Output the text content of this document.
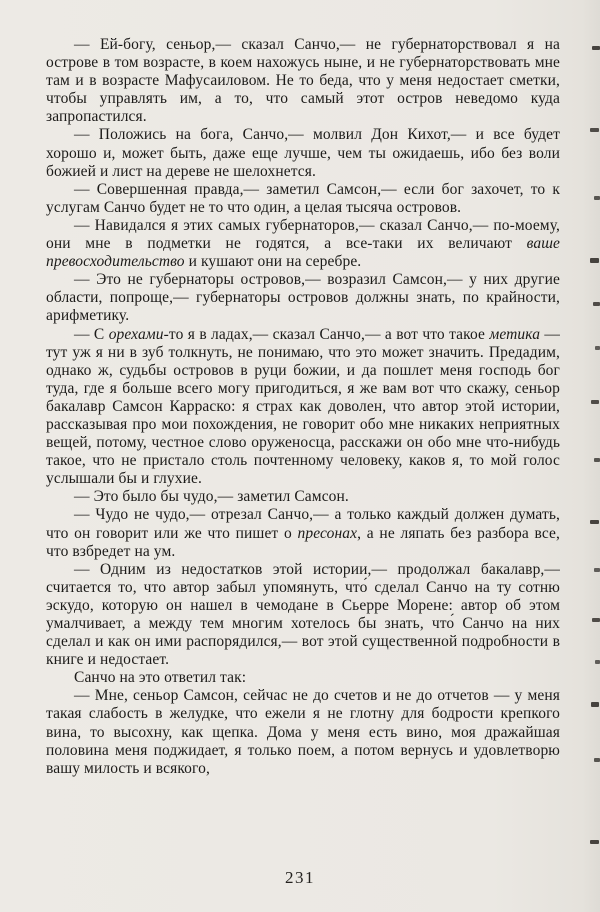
— Ей-богу, сеньор,— сказал Санчо,— не губернаторствовал я на острове в том возрасте, в коем нахожусь ныне, и не губернаторствовать мне там и в возрасте Мафусаиловом. Не то беда, что у меня недостает сметки, чтобы управлять им, а то, что самый этот остров неведомо куда запропастился.

— Положись на бога, Санчо,— молвил Дон Кихот,— и все будет хорошо и, может быть, даже еще лучше, чем ты ожидаешь, ибо без воли божией и лист на дереве не шелохнется.

— Совершенная правда,— заметил Самсон,— если бог захочет, то к услугам Санчо будет не то что один, а целая тысяча островов.

— Навидался я этих самых губернаторов,— сказал Санчо,— по-моему, они мне в подметки не годятся, а все-таки их величают ваше превосходительство и кушают они на серебре.

— Это не губернаторы островов,— возразил Самсон,— у них другие области, попроще,— губернаторы островов должны знать, по крайности, арифметику.

— С орехами-то я в ладах,— сказал Санчо,— а вот что такое метика — тут уж я ни в зуб толкнуть, не понимаю, что это может значить. Предадим, однако ж, судьбы островов в руци божии, и да пошлет меня господь бог туда, где я больше всего могу пригодиться, я же вам вот что скажу, сеньор бакалавр Самсон Карраско: я страх как доволен, что автор этой истории, рассказывая про мои похождения, не говорит обо мне никаких неприятных вещей, потому, честное слово оруженосца, расскажи он обо мне что-нибудь такое, что не пристало столь почтенному человеку, каков я, то мой голос услышали бы и глухие.

— Это было бы чудо,— заметил Самсон.

— Чудо не чудо,— отрезал Санчо,— а только каждый должен думать, что он говорит или же что пишет о пресонах, а не ляпать без разбора все, что взбредет на ум.

— Одним из недостатков этой истории,— продолжал бакалавр,— считается то, что автор забыл упомянуть, что́ сделал Санчо на ту сотню эскудо, которую он нашел в чемодане в Сьерре Морене: автор об этом умалчивает, а между тем многим хотелось бы знать, что́ Санчо на них сделал и как он ими распорядился,— вот этой существенной подробности в книге и недостает.

Санчо на это ответил так:

— Мне, сеньор Самсон, сейчас не до счетов и не до отчетов — у меня такая слабость в желудке, что ежели я не глотну для бодрости крепкого вина, то высохну, как щепка. Дома у меня есть вино, моя дражайшая половина меня поджидает, я только поем, а потом вернусь и удовлетворю вашу милость и всякого,

231
